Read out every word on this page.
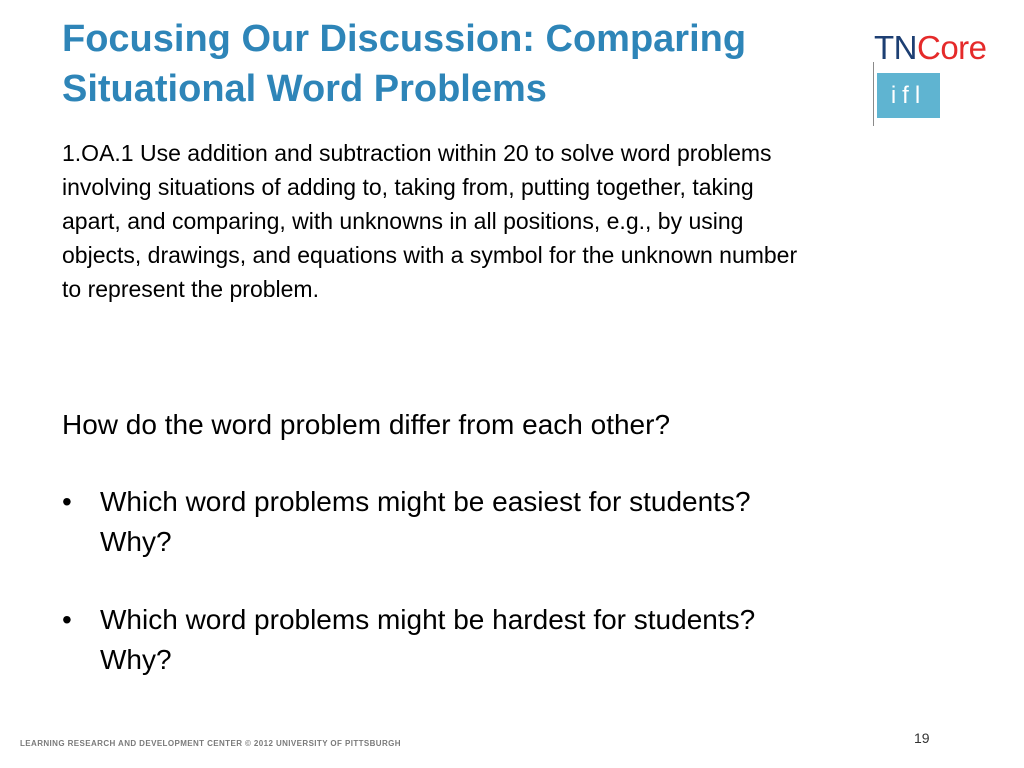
Focusing Our Discussion: Comparing
Situational Word Problems
TNCore
ifl

1.OA.1 Use addition and subtraction within 20 to solve word problems
involving situations of adding to, taking from, putting together, taking
apart, and comparing, with unknowns in all positions, e.g., by using
objects, drawings, and equations with a symbol for the unknown number
to represent the problem.

How do the word problem differ from each other?

• Which word problems might be easiest for students?
Why?
• Which word problems might be hardest for students?
Why?
LEARNING RESEARCH AND DEVELOPMENT CENTER © 2012 UNIVERSITY OF PITTSBURGH	19
